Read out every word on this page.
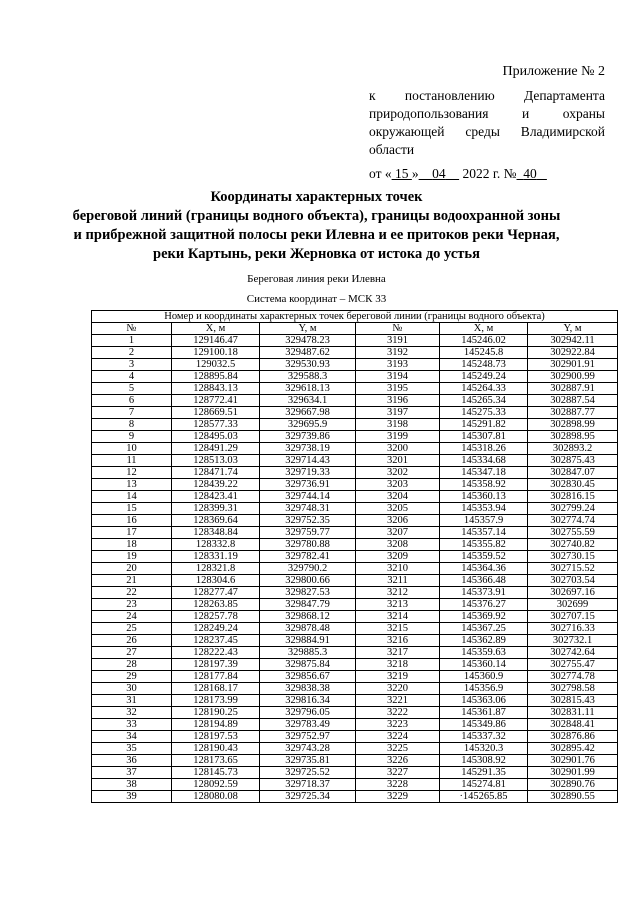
Приложение № 2
к постановлению Департамента
природопользования и охраны
окружающей среды Владимирской
области
от « 15 » 04 2022 г. № 40
Координаты характерных точек
береговой линий (границы водного объекта), границы водоохранной зоны
и прибрежной защитной полосы реки Илевна и ее притоков реки Черная,
реки Картынь, реки Жерновка от истока до устья
Береговая линия реки Илевна
Система координат – МСК 33
Номер и координаты характерных точек береговой линии (границы водного объекта)					
№	X, м	Y, м	№	X, м	Y, м
1	129146.47	329478.23	3191	145246.02	302942.11
2	129100.18	329487.62	3192	145245.8	302922.84
3	129032.5	329530.93	3193	145248.73	302901.91
4	128895.84	329588.3	3194	145249.24	302900.99
5	128843.13	329618.13	3195	145264.33	302887.91
6	128772.41	329634.1	3196	145265.34	302887.54
7	128669.51	329667.98	3197	145275.33	302887.77
8	128577.33	329695.9	3198	145291.82	302898.99
9	128495.03	329739.86	3199	145307.81	302898.95
10	128491.29	329738.19	3200	145318.26	302893.2
11	128513.03	329714.43	3201	145334.68	302875.43
12	128471.74	329719.33	3202	145347.18	302847.07
13	128439.22	329736.91	3203	145358.92	302830.45
14	128423.41	329744.14	3204	145360.13	302816.15
15	128399.31	329748.31	3205	145353.94	302799.24
16	128369.64	329752.35	3206	145357.9	302774.74
17	128348.84	329759.77	3207	145357.14	302755.59
18	128332.8	329780.88	3208	145355.82	302740.82
19	128331.19	329782.41	3209	145359.52	302730.15
20	128321.8	329790.2	3210	145364.36	302715.52
21	128304.6	329800.66	3211	145366.48	302703.54
22	128277.47	329827.53	3212	145373.91	302697.16
23	128263.85	329847.79	3213	145376.27	302699
24	128257.78	329868.12	3214	145369.92	302707.15
25	128249.24	329878.48	3215	145367.25	302716.33
26	128237.45	329884.91	3216	145362.89	302732.1
27	128222.43	329885.3	3217	145359.63	302742.64
28	128197.39	329875.84	3218	145360.14	302755.47
29	128177.84	329856.67	3219	145360.9	302774.78
30	128168.17	329838.38	3220	145356.9	302798.58
31	128173.99	329816.34	3221	145363.06	302815.43
32	128190.25	329796.05	3222	145361.87	302831.11
33	128194.89	329783.49	3223	145349.86	302848.41
34	128197.53	329752.97	3224	145337.32	302876.86
35	128190.43	329743.28	3225	145320.3	302895.42
36	128173.65	329735.81	3226	145308.92	302901.76
37	128145.73	329725.52	3227	145291.35	302901.99
38	128092.59	329718.37	3228	145274.81	302890.76
39	128080.08	329725.34	3229	·145265.85	302890.55
